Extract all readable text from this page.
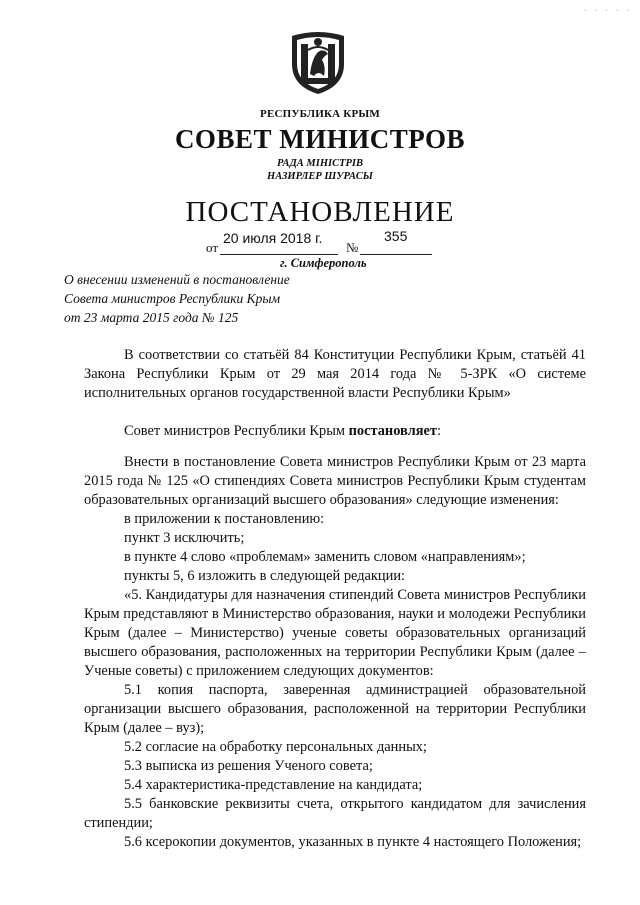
· · · · ·
РЕСПУБЛИКА КРЫМ
СОВЕТ МИНИСТРОВ
РАДА МІНІСТРІВ
НАЗИРЛЕР ШУРАСЫ
ПОСТАНОВЛЕНИЕ
от
20 июля 2018 г.
№
355
г. Симферополь
О внесении изменений в постановление
Совета министров Республики Крым
от 23 марта 2015 года № 125

В соответствии со статьёй 84 Конституции Республики Крым, статьёй 41 Закона Республики Крым от 29 мая 2014 года № 5-ЗРК «О системе исполнительных органов государственной власти Республики Крым»

Совет министров Республики Крым постановляет:

Внести в постановление Совета министров Республики Крым от 23 марта 2015 года № 125 «О стипендиях Совета министров Республики Крым студентам образовательных организаций высшего образования» следующие изменения:

в приложении к постановлению:

пункт 3 исключить;

в пункте 4 слово «проблемам» заменить словом «направлениям»;

пункты 5, 6 изложить в следующей редакции:

«5. Кандидатуры для назначения стипендий Совета министров Республики Крым представляют в Министерство образования, науки и молодежи Республики Крым (далее – Министерство) ученые советы образовательных организаций высшего образования, расположенных на территории Республики Крым (далее – Ученые советы) с приложением следующих документов:

5.1 копия паспорта, заверенная администрацией образовательной организации высшего образования, расположенной на территории Республики Крым (далее – вуз);

5.2 согласие на обработку персональных данных;

5.3 выписка из решения Ученого совета;

5.4 характеристика-представление на кандидата;

5.5 банковские реквизиты счета, открытого кандидатом для зачисления стипендии;

5.6 ксерокопии документов, указанных в пункте 4 настоящего Положения;
